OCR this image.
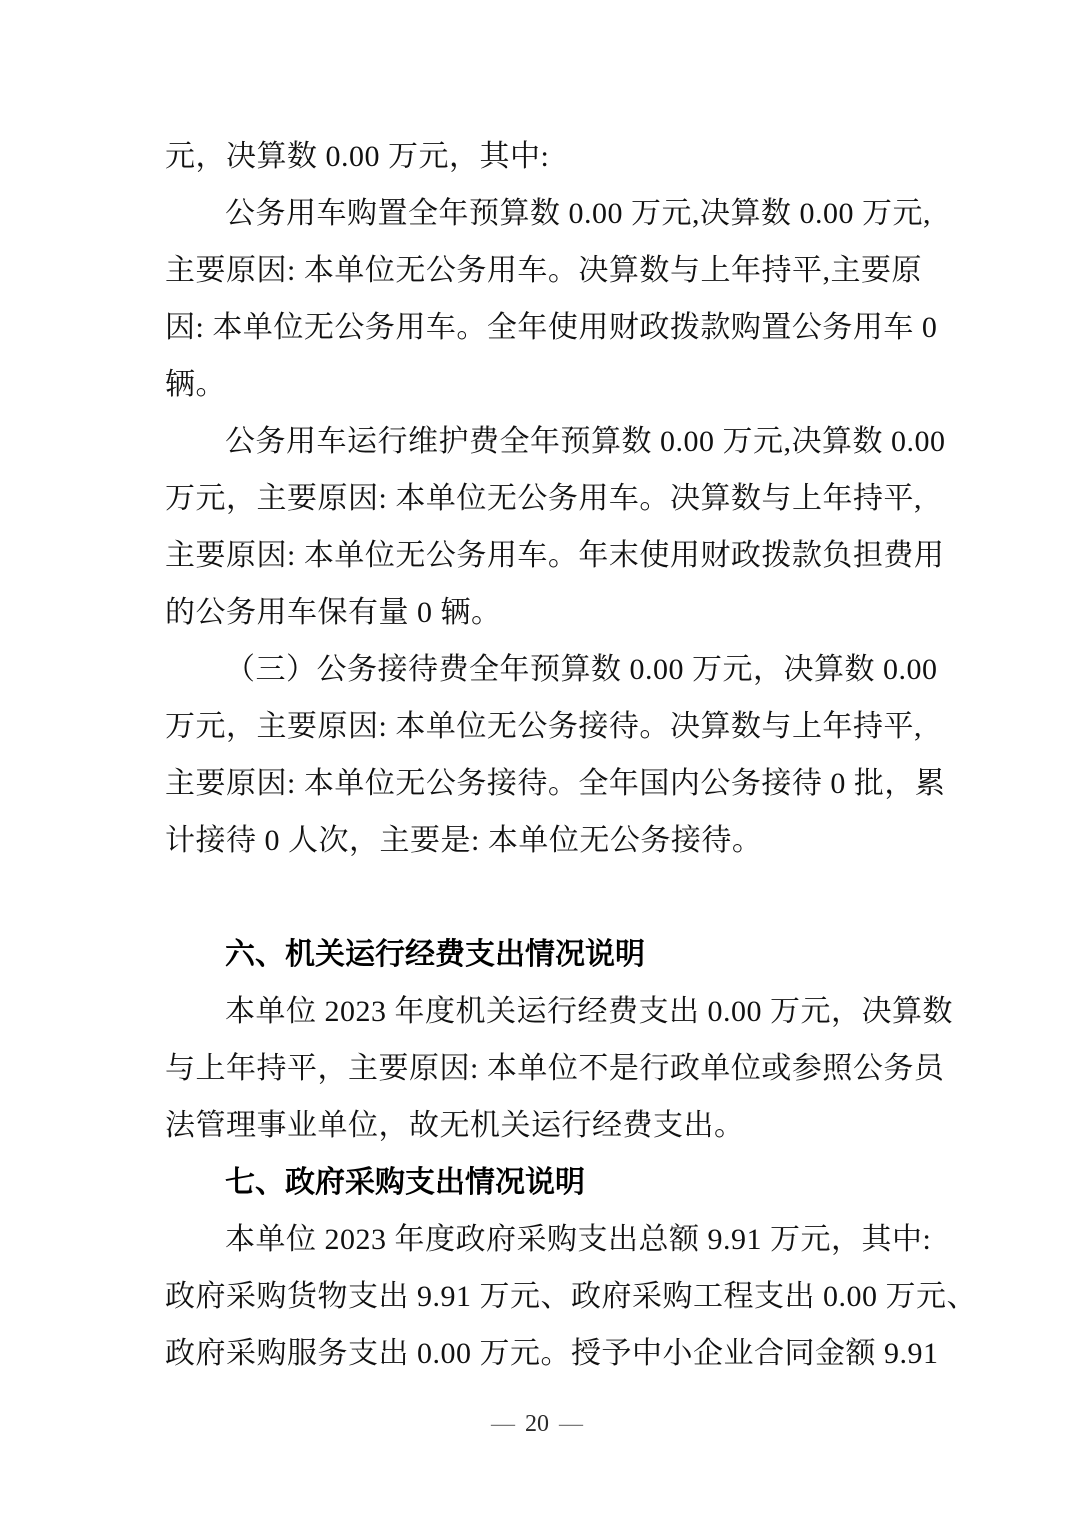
元，决算数 0.00 万元，其中:
公务用车购置全年预算数 0.00 万元,决算数 0.00 万元,
主要原因: 本单位无公务用车。决算数与上年持平,主要原
因: 本单位无公务用车。全年使用财政拨款购置公务用车 0
辆。
公务用车运行维护费全年预算数 0.00 万元,决算数 0.00
万元，主要原因: 本单位无公务用车。决算数与上年持平,
主要原因: 本单位无公务用车。年末使用财政拨款负担费用
的公务用车保有量 0 辆。
（三）公务接待费全年预算数 0.00 万元，决算数 0.00
万元，主要原因: 本单位无公务接待。决算数与上年持平,
主要原因: 本单位无公务接待。全年国内公务接待 0 批，累
计接待 0 人次，主要是: 本单位无公务接待。
六、机关运行经费支出情况说明
本单位 2023 年度机关运行经费支出 0.00 万元，决算数
与上年持平，主要原因: 本单位不是行政单位或参照公务员
法管理事业单位，故无机关运行经费支出。
七、政府采购支出情况说明
本单位 2023 年度政府采购支出总额 9.91 万元，其中:
政府采购货物支出 9.91 万元、政府采购工程支出 0.00 万元、
政府采购服务支出 0.00 万元。授予中小企业合同金额 9.91
— 20 —
